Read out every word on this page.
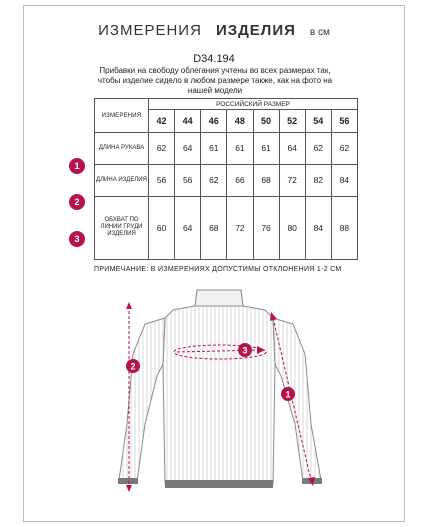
ИЗМЕРЕНИЯ ИЗДЕЛИЯ в см
D34.194
Прибавки на свободу облегания учтены во всех размерах так, чтобы изделие сидело в любом размере также, как на фото на нашей модели
ИЗМЕРЕНИЯ	РОССИЙСКИЙ РАЗМЕР							
	42	44	46	48	50	52	54	56
ДЛИНА РУКАВА	62	64	61	61	61	64	62	62
ДЛИНА ИЗДЕЛИЯ	56	56	62	66	68	72	82	84
ОБХВАТ ПО ЛИНИИ ГРУДИ ИЗДЕЛИЯ	60	64	68	72	76	80	84	88
1
2
3
ПРИМЕЧАНИЕ: В ИЗМЕРЕНИЯХ ДОПУСТИМЫ ОТКЛОНЕНИЯ 1-2 СМ
2
3
1
